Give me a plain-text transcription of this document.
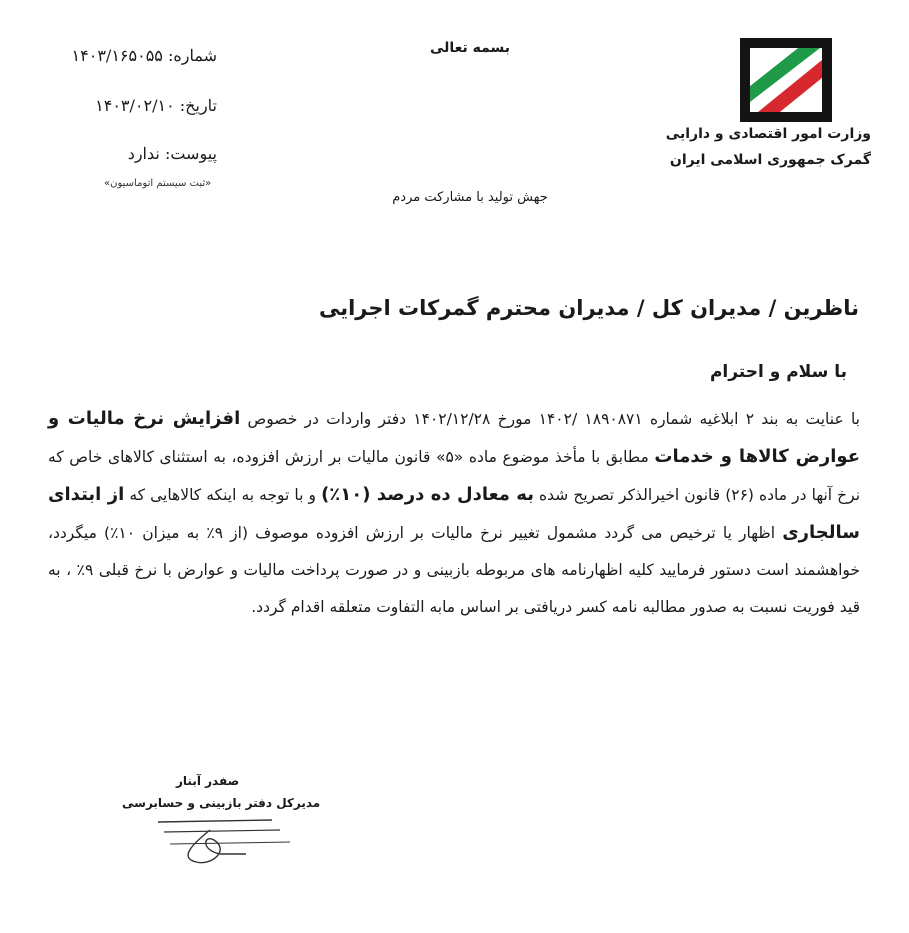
وزارت امور اقتصادی و دارایی
گمرک جمهوری اسلامی ایران
بسمه تعالی
جهش تولید با مشارکت مردم
شماره: ۱۴۰۳/۱۶۵۰۵۵
تاریخ: ۱۴۰۳/۰۲/۱۰
پیوست: ندارد
«ثبت سیستم اتوماسیون»
ناظرین / مدیران کل / مدیران محترم گمرکات اجرایی
با سلام و احترام
با عنایت به بند ۲ ابلاغیه شماره ۱۸۹۰۸۷۱ /۱۴۰۲ مورخ ۱۴۰۲/۱۲/۲۸ دفتر واردات در خصوص افزایش نرخ مالیات و عوارض کالاها و خدمات مطابق با مأخذ موضوع ماده «۵» قانون مالیات بر ارزش افزوده، به استثنای کالاهای خاص که نرخ آنها در ماده (۲۶) قانون اخیرالذکر تصریح شده به معادل ده درصد (۱۰٪) و با توجه به اینکه کالاهایی که از ابتدای سالجاری اظهار یا ترخیص می گردد مشمول تغییر نرخ مالیات بر ارزش افزوده موصوف (از ۹٪ به میزان ۱۰٪) میگردد، خواهشمند است دستور فرمایید کلیه اظهارنامه های مربوطه بازبینی و در صورت پرداخت مالیات و عوارض با نرخ قبلی ۹٪ ، به قید فوریت نسبت به صدور مطالبه نامه کسر دریافتی بر اساس مابه التفاوت متعلقه اقدام گردد.
صفدر آبنار
مدیرکل دفتر بازبینی و حسابرسی
